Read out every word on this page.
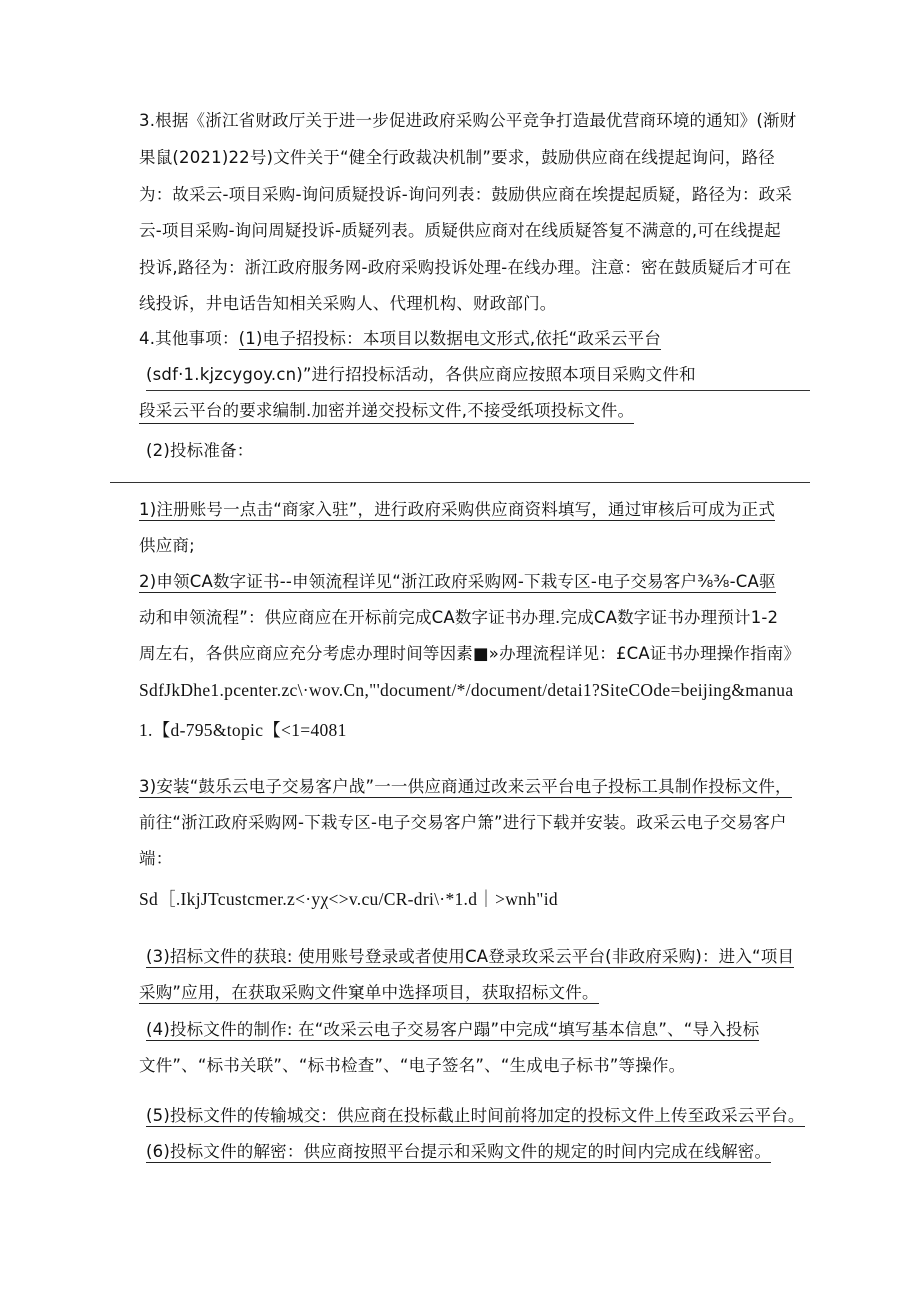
3.根据《浙江省财政厅关于进一步促进政府采购公平竞争打造最优营商环境的通知》(渐财
果鼠(2021)22号)文件关于“健全行政裁决机制”要求，鼓励供应商在线提起询问，路径
为：故采云-项目采购-询问质疑投诉-询问列表：鼓励供应商在埃提起质疑，路径为：政采
云-项目采购-询问周疑投诉-质疑列表。质疑供应商对在线质疑答复不满意的,可在线提起
投诉,路径为：浙江政府服务网-政府采购投诉处理-在线办理。注意：密在鼓质疑后才可在
线投诉，井电话告知相关采购人、代理机构、财政部门。
4.其他事项：(1)电子招投标：本项目以数据电文形式,依托“政采云平台
(sdf·1.kjzcygoy.cn)”进行招投标活动，各供应商应按照本项目采购文件和
段采云平台的要求编制.加密并递交投标文件,不接受纸项投标文件。
(2)投标准备：
1)注册账号一点击“商家入驻”，进行政府采购供应商资料填写，通过审核后可成为正式
供应商;
2)申领CA数字证书--申领流程详见“浙江政府采购网-下栽专区-电子交易客户⅜⅜-CA驱
动和申领流程”：供应商应在开标前完成CA数字证书办理.完成CA数字证书办理预计1-2
周左右，各供应商应充分考虑办理时间等因素■»办理流程详见：£CA证书办理操作指南》
SdfJkDhe1.pcenter.zc\·wov.Cn,"'document/*/document/detai1?SiteCOde=beijing&manua
1.【d-795&topic【<1=4081
3)安装“鼓乐云电子交易客户战”一一供应商通过改来云平台电子投标工具制作投标文件，
前往“浙江政府采购网-下栽专区-电子交易客户箫”进行下载并安装。政采云电子交易客户
端：
Sd［.IkjJTcustcmer.z<·yχ<>v.cu/CR-dri\·*1.d｜>wnh"id
(3)招标文件的获琅: 使用账号登录或者使用CA登录玫采云平台(非政府采购)：进入“项目
采购”应用，在获取采购文件窠单中选择项目，获取招标文件。
(4)投标文件的制作: 在“改采云电子交易客户蹋”中完成“填写基本信息”、“导入投标
文件”、“标书关联”、“标书检查”、“电子签名”、“生成电子标书”等操作。
(5)投标文件的传输城交：供应商在投标截止时间前将加定的投标文件上传至政采云平台。
(6)投标文件的解密：供应商按照平台提示和采购文件的规定的时间内完成在线解密。
